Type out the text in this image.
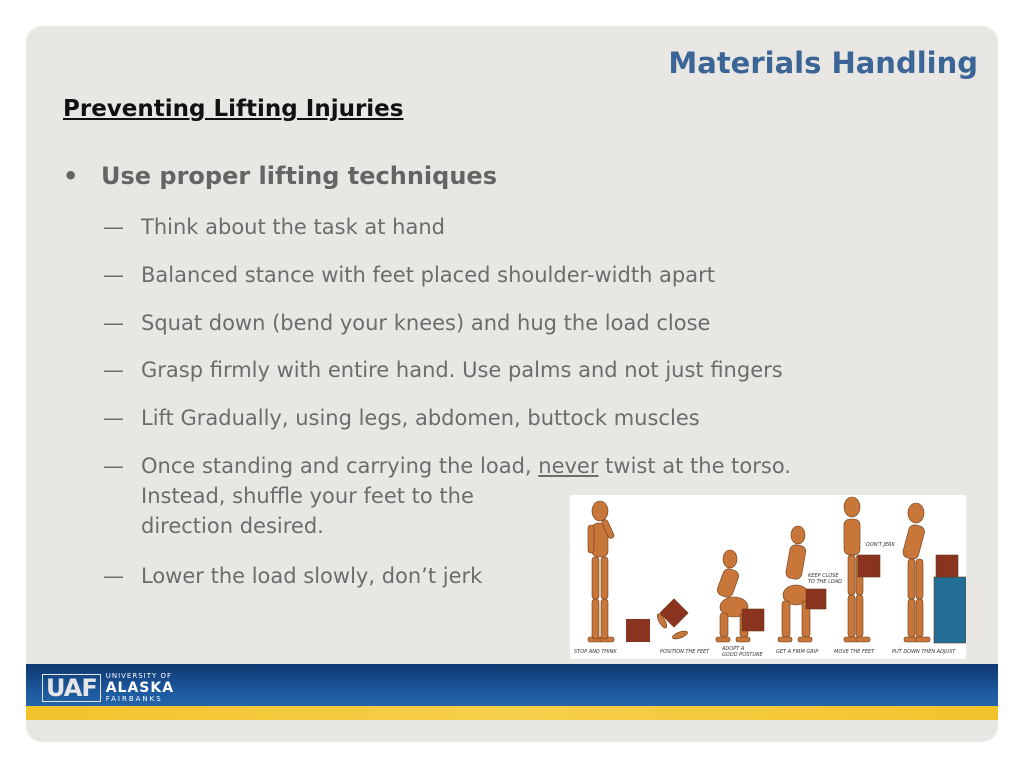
Materials Handling
Preventing Lifting Injuries
• Use proper lifting techniques
— Think about the task at hand
— Balanced stance with feet placed shoulder-width apart
— Squat down (bend your knees) and hug the load close
— Grasp firmly with entire hand. Use palms and not just fingers
— Lift Gradually, using legs, abdomen, buttock muscles
— Once standing and carrying the load, never twist at the torso.
Instead, shuffle your feet to the
direction desired.
— Lower the load slowly, don’t jerk	KEEP CLOSE
TO THE LOAD
DON'T JERK
STOP AND THINK	POSITION THE FEET	ADOPT A
GOOD POSTURE	GET A FIRM GRIP	MOVE THE FEET	PUT DOWN THEN ADJUST
UAF	UNIVERSITY OF
ALASKA
FAIRBANKS
